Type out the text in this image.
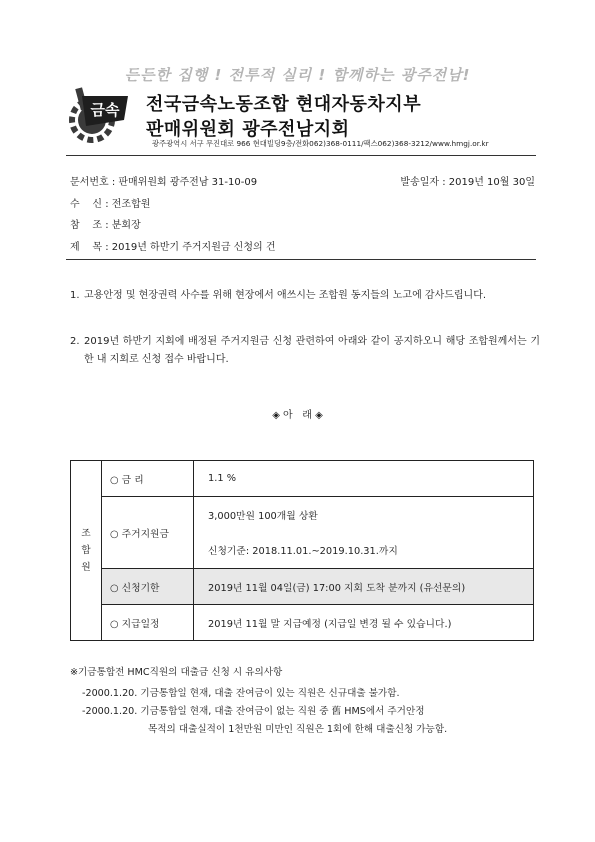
든든한 집행 ! 전투적 실리 ! 함께하는 광주전남!
금속 전국금속노동조합 현대자동차지부
판매위원회 광주전남지회
광주광역시 서구 무진대로 966 현대빌딩9층/전화062)368-0111/팩스062)368-3212/www.hmgj.or.kr
문서번호 : 판매위원회 광주전남 31-10-09	발송일자 : 2019년 10월 30일
수    신 : 전조합원
참    조 : 분회장
제    목 : 2019년 하반기 주거지원금 신청의 건
1. 고용안정 및 현장권력 사수를 위해 현장에서 애쓰시는 조합원 동지들의 노고에 감사드립니다.
2. 2019년 하반기 지회에 배정된 주거지원금 신청 관련하여 아래와 같이 공지하오니 해당 조합원께서는 기한 내 지회로 신청 접수 바랍니다.
◈ 아   래 ◈
조
합
원	○ 금 리	1.1 %
	○ 주거지원금	3,000만원 100개월 상환
		신청기준: 2018.11.01.~2019.10.31.까지
	○ 신청기한	2019년 11월 04일(금) 17:00 지회 도착 분까지 (유선문의)
	○ 지급일정	2019년 11월 말 지급예정 (지급일 변경 될 수 있습니다.)
※기금통합전 HMC직원의 대출금 신청 시 유의사항
-2000.1.20. 기금통합일 현재, 대출 잔여금이 있는 직원은 신규대출 불가함.
-2000.1.20. 기금통합일 현재, 대출 잔여금이 없는 직원 중 舊 HMS에서 주거안정
목적의 대출실적이 1천만원 미만인 직원은 1회에 한해 대출신청 가능함.
